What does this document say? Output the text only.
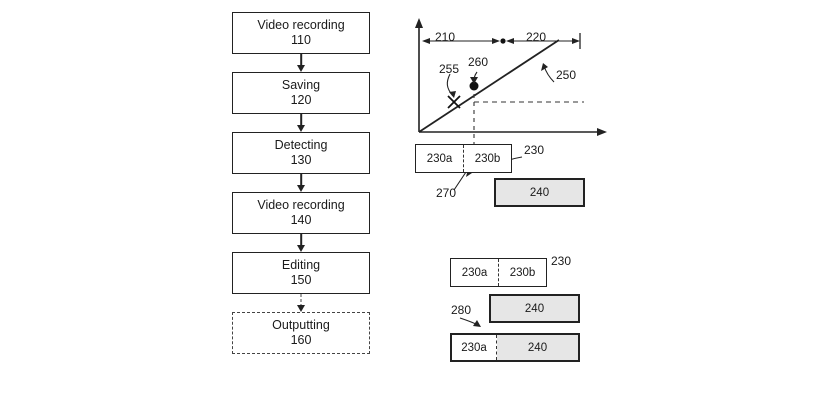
Video recording
110
Saving
120
Detecting
130
Video recording
140
Editing
150
Outputting
160
210	220
255 260
250
230
270
230a	230b
240
230a	230b
230
240
280
230a	240
